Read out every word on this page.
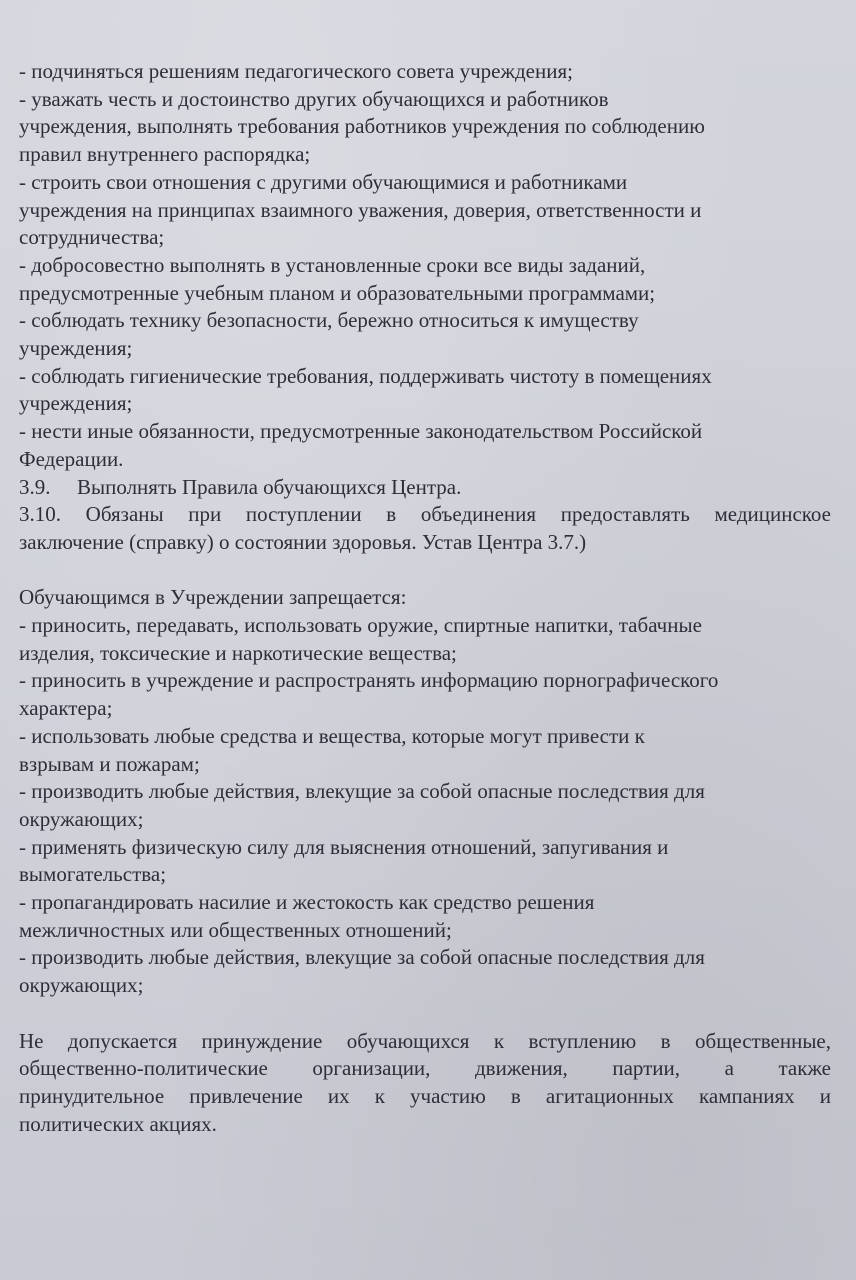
- подчиняться решениям педагогического совета учреждения;
- уважать честь и достоинство других обучающихся и работников
учреждения, выполнять требования работников учреждения по соблюдению
правил внутреннего распорядка;
- строить свои отношения с другими обучающимися и работниками
учреждения на принципах взаимного уважения, доверия, ответственности и
сотрудничества;
- добросовестно выполнять в установленные сроки все виды заданий,
предусмотренные учебным планом и образовательными программами;
- соблюдать технику безопасности, бережно относиться к имуществу
учреждения;
- соблюдать гигиенические требования, поддерживать чистоту в помещениях
учреждения;
- нести иные обязанности, предусмотренные законодательством Российской
Федерации.
3.9. Выполнять Правила обучающихся Центра.
3.10. Обязаны при поступлении в объединения предоставлять медицинское
заключение (справку) о состоянии здоровья. Устав Центра 3.7.)
Обучающимся в Учреждении запрещается:
- приносить, передавать, использовать оружие, спиртные напитки, табачные
изделия, токсические и наркотические вещества;
- приносить в учреждение и распространять информацию порнографического
характера;
- использовать любые средства и вещества, которые могут привести к
взрывам и пожарам;
- производить любые действия, влекущие за собой опасные последствия для
окружающих;
- применять физическую силу для выяснения отношений, запугивания и
вымогательства;
- пропагандировать насилие и жестокость как средство решения
межличностных или общественных отношений;
- производить любые действия, влекущие за собой опасные последствия для
окружающих;
Не допускается принуждение обучающихся к вступлению в общественные,
общественно-политические организации, движения, партии, а также
принудительное привлечение их к участию в агитационных кампаниях и
политических акциях.
